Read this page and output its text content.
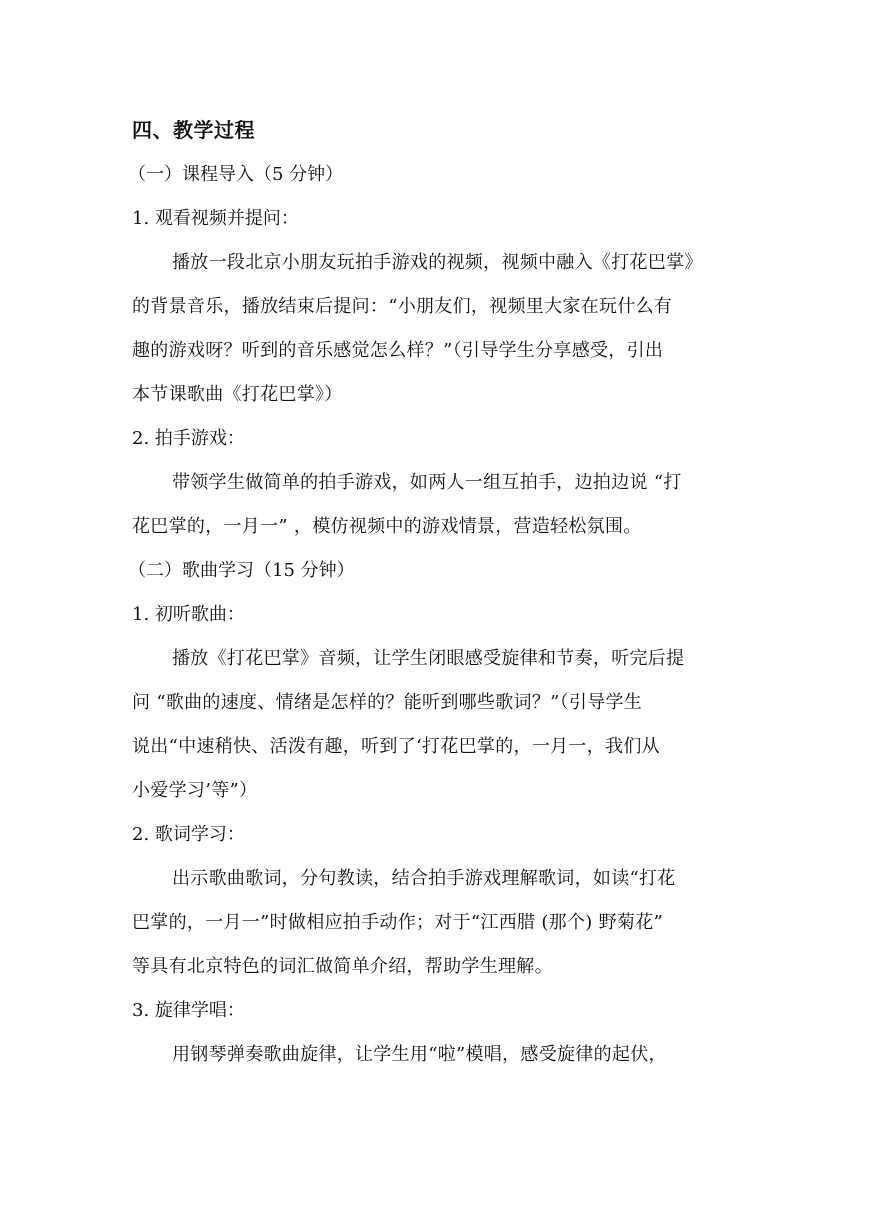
四、教学过程

（一）课程导入（5 分钟）

1. 观看视频并提问：

播放一段北京小朋友玩拍手游戏的视频，视频中融入《打花巴掌》

的背景音乐，播放结束后提问：“小朋友们，视频里大家在玩什么有

趣的游戏呀？听到的音乐感觉怎么样？”（引导学生分享感受，引出

本节课歌曲《打花巴掌》）

2. 拍手游戏：

带领学生做简单的拍手游戏，如两人一组互拍手，边拍边说 “打

花巴掌的，一月一” ，模仿视频中的游戏情景，营造轻松氛围。

（二）歌曲学习（15 分钟）

1. 初听歌曲：

播放《打花巴掌》音频，让学生闭眼感受旋律和节奏，听完后提

问 “歌曲的速度、情绪是怎样的？能听到哪些歌词？”（引导学生

说出“中速稍快、活泼有趣，听到了‘打花巴掌的，一月一，我们从

小爱学习’等”）

2. 歌词学习：

出示歌曲歌词，分句教读，结合拍手游戏理解歌词，如读“打花

巴掌的，一月一”时做相应拍手动作；对于“江西腊 (那个) 野菊花”

等具有北京特色的词汇做简单介绍，帮助学生理解。

3. 旋律学唱：

用钢琴弹奏歌曲旋律，让学生用“啦”模唱，感受旋律的起伏，
